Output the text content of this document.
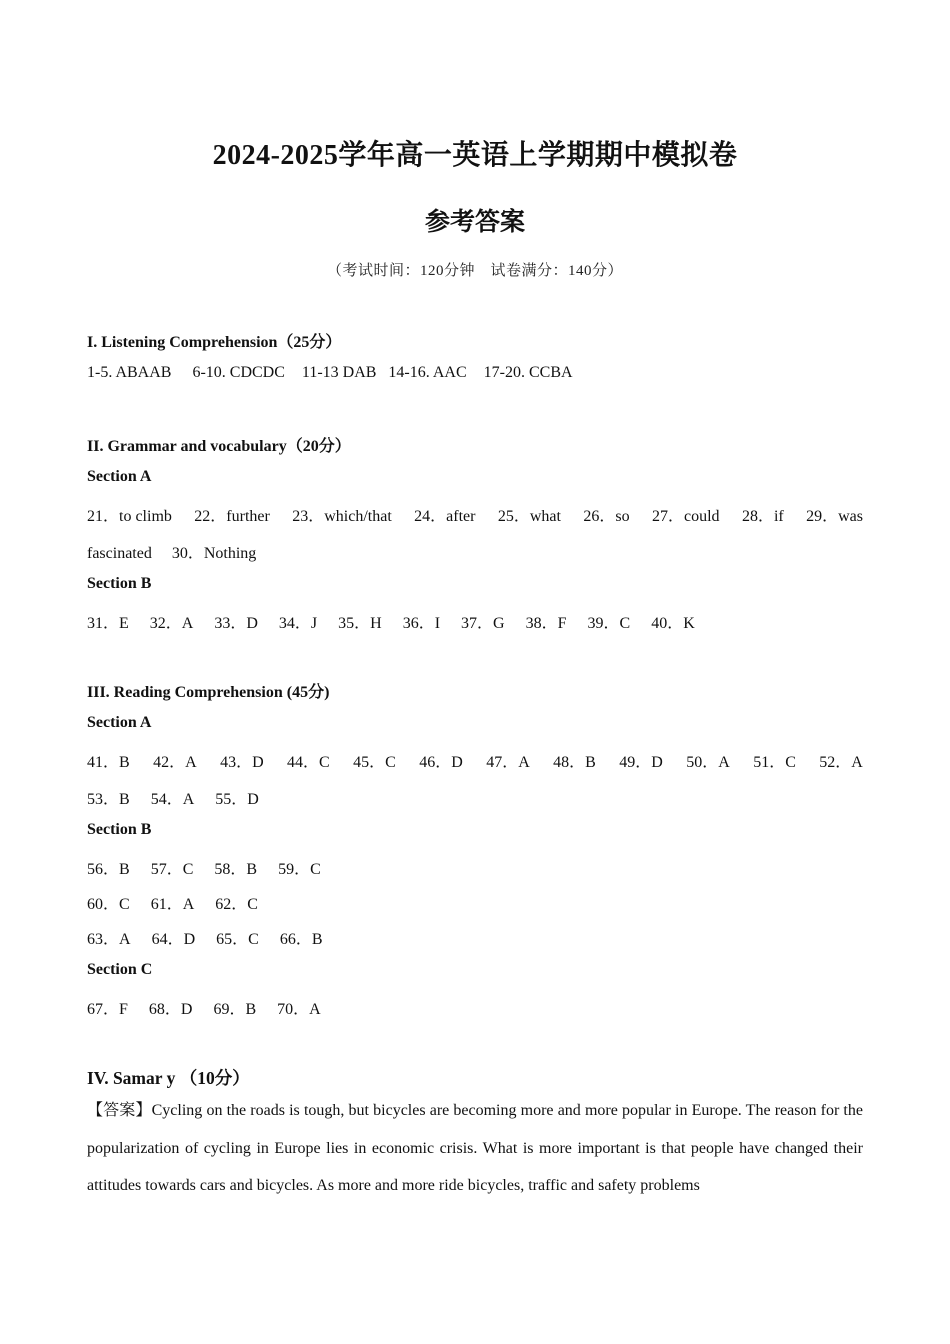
2024-2025学年高一英语上学期期中模拟卷
参考答案
（考试时间：120分钟　试卷满分：140分）
I. Listening Comprehension（25分）
1-5. ABAAB 6-10. CDCDC 11-13 DAB 14-16. AAC 17-20. CCBA
II. Grammar and vocabulary（20分）
Section A
21．to climb 22．further 23．which/that 24．after 25．what 26．so 27．could 28．if 29．was
fascinated 30．Nothing
Section B
31．E 32．A 33．D 34．J 35．H 36．I 37．G 38．F 39．C 40．K
III. Reading Comprehension (45分)
Section A
41．B 42．A 43．D 44．C 45．C 46．D 47．A 48．B 49．D 50．A 51．C 52．A
53．B 54．A 55．D
Section B
56．B 57．C 58．B 59．C
60．C 61．A 62．C
63．A 64．D 65．C 66．B
Section C
67．F 68．D 69．B 70．A
IV. Samar y （10分）
【答案】Cycling on the roads is tough, but bicycles are becoming more and more popular in Europe. The reason for the popularization of cycling in Europe lies in economic crisis. What is more important is that people have changed their attitudes towards cars and bicycles. As more and more ride bicycles, traffic and safety problems
